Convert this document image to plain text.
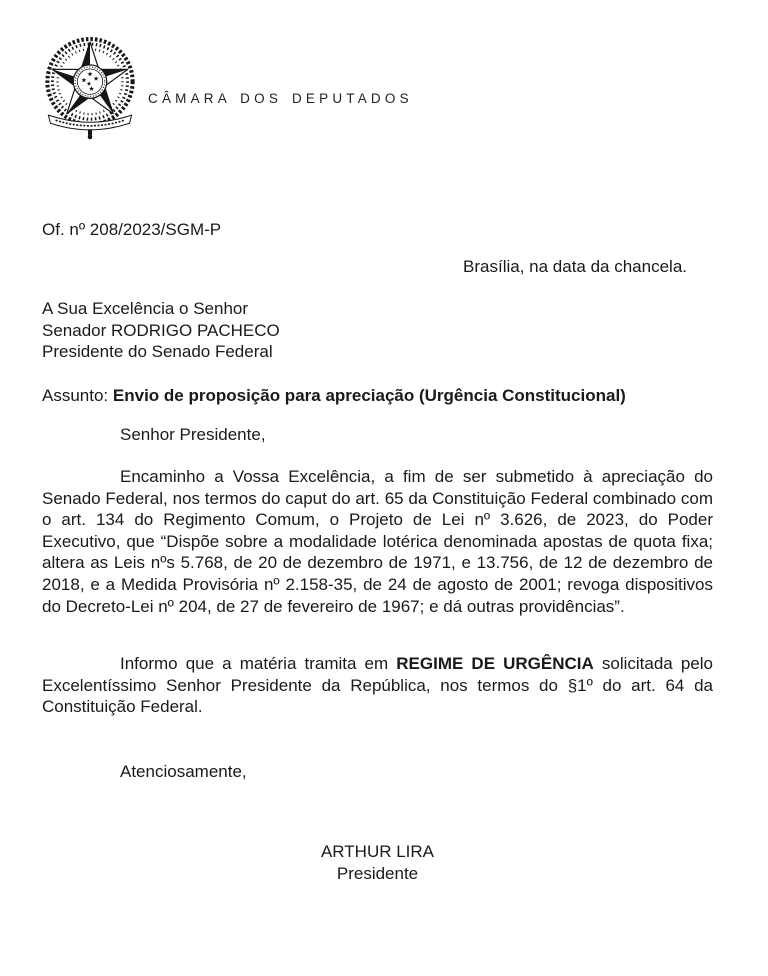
CÂMARA DOS DEPUTADOS
Of. nº 208/2023/SGM-P
Brasília, na data da chancela.
A Sua Excelência o Senhor
Senador RODRIGO PACHECO
Presidente do Senado Federal
Assunto: Envio de proposição para apreciação (Urgência Constitucional)
Senhor Presidente,

Encaminho a Vossa Excelência, a fim de ser submetido à apreciação do Senado Federal, nos termos do caput do art. 65 da Constituição Federal combinado com o art. 134 do Regimento Comum, o Projeto de Lei nº 3.626, de 2023, do Poder Executivo, que “Dispõe sobre a modalidade lotérica denominada apostas de quota fixa; altera as Leis nºs 5.768, de 20 de dezembro de 1971, e 13.756, de 12 de dezembro de 2018, e a Medida Provisória nº 2.158-35, de 24 de agosto de 2001; revoga dispositivos do Decreto-Lei nº 204, de 27 de fevereiro de 1967; e dá outras providências”.

Informo que a matéria tramita em REGIME DE URGÊNCIA solicitada pelo Excelentíssimo Senhor Presidente da República, nos termos do §1º do art. 64 da Constituição Federal.

Atenciosamente,
ARTHUR LIRA
Presidente
